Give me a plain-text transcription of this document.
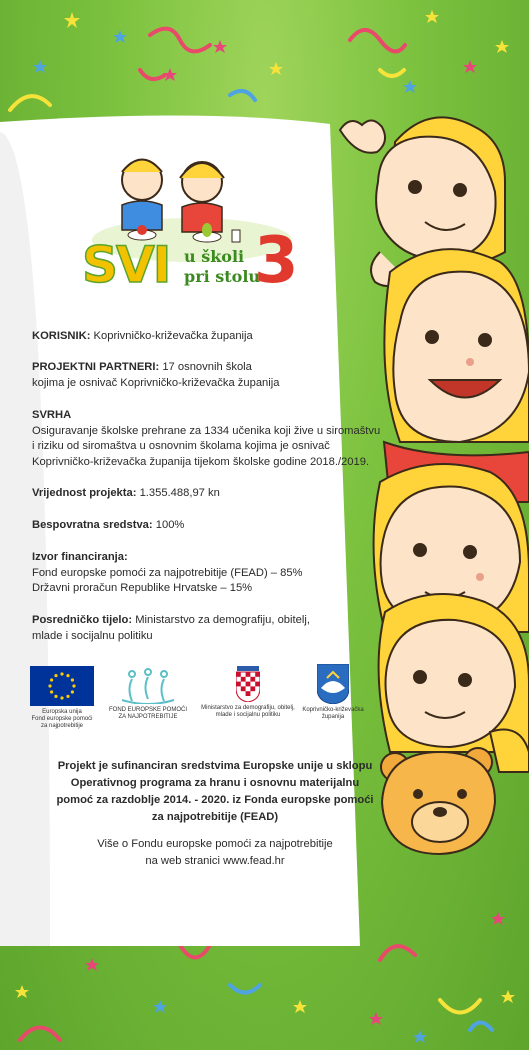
SVI u školi
pri stolu
3
KORISNIK: Koprivničko-križevačka županija
PROJEKTNI PARTNERI: 17 osnovnih škola
kojima je osnivač Koprivničko-križevačka županija
SVRHA
Osiguravanje školske prehrane za 1334 učenika koji žive u siromaštvu
i riziku od siromaštva u osnovnim školama kojima je osnivač
Koprivničko-križevačka županija tijekom školske godine 2018./2019.
Vrijednost projekta: 1.355.488,97 kn
Bespovratna sredstva: 100%
Izvor financiranja:
Fond europske pomoći za najpotrebitije (FEAD) – 85%
Državni proračun Republike Hrvatske – 15%
Posredničko tijelo: Ministarstvo za demografiju, obitelj,
mlade i socijalnu politiku
Europska unija
Fond europske pomoći
za najpotrebitije
FOND EUROPSKE POMOĆI
ZA NAJPOTREBITIJE
Ministarstvo za demografiju, obitelj,
mlade i socijalnu politiku
Koprivničko-križevačka
županija
Projekt je sufinanciran sredstvima Europske unije u sklopu
Operativnog programa za hranu i osnovnu materijalnu
pomoć za razdoblje 2014. - 2020. iz Fonda europske pomoći
za najpotrebitije (FEAD)
Više o Fondu europske pomoći za najpotrebitije
na web stranici www.fead.hr
